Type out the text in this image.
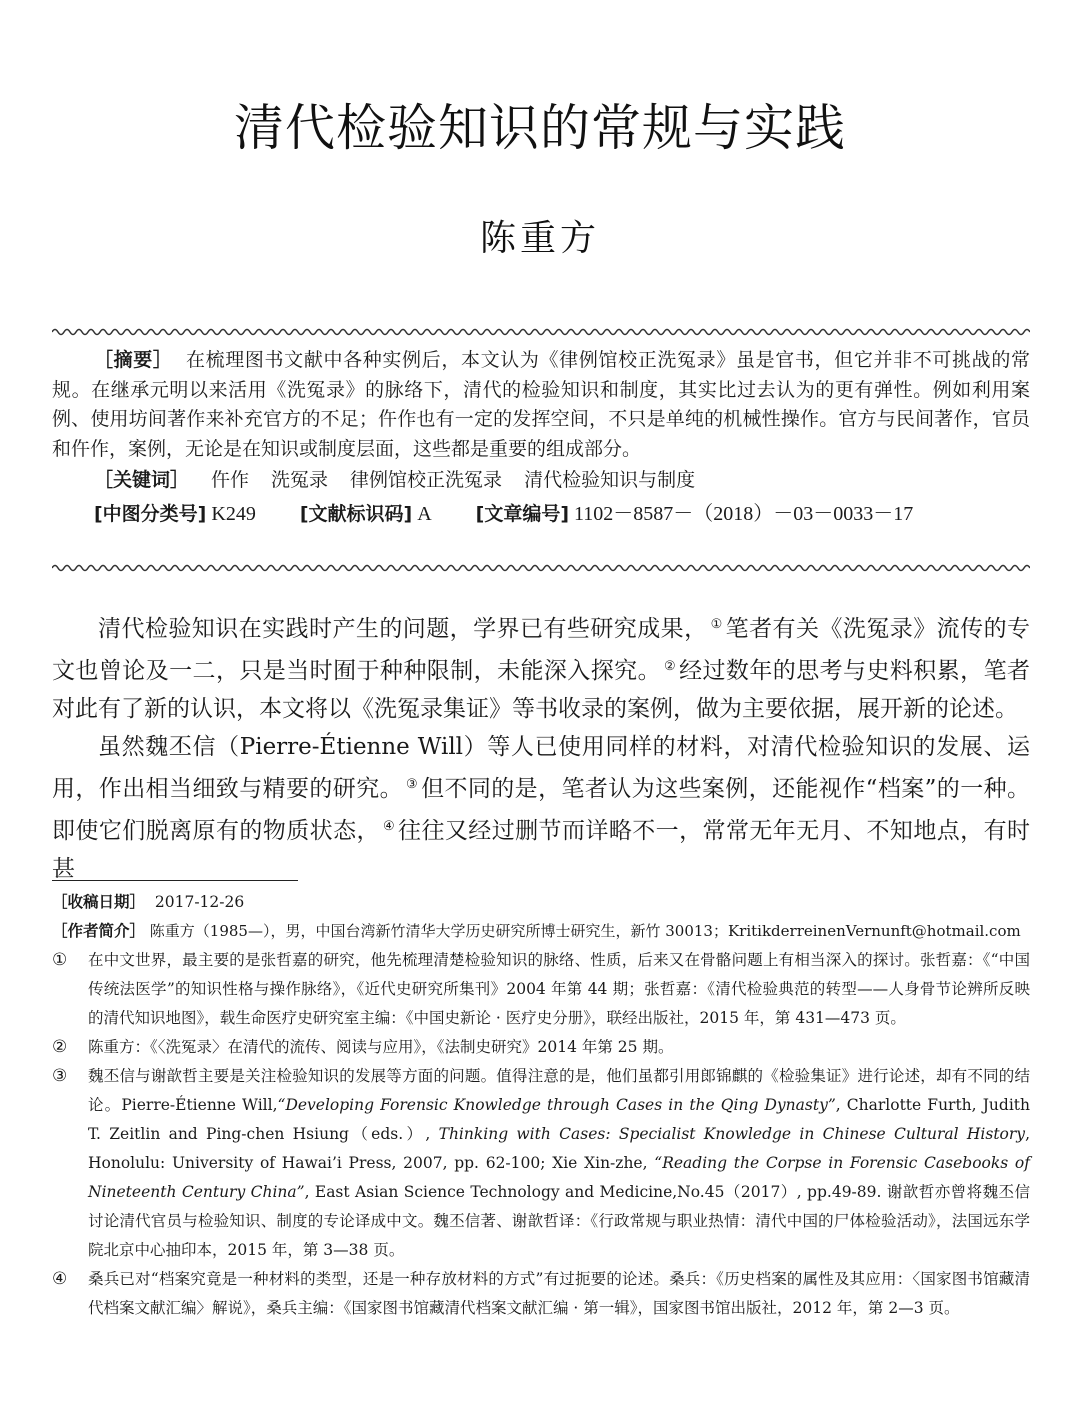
清代检验知识的常规与实践
陈重方

［摘要］ 在梳理图书文献中各种实例后，本文认为《律例馆校正洗冤录》虽是官书，但它并非不可挑战的常规。在继承元明以来活用《洗冤录》的脉络下，清代的检验知识和制度，其实比过去认为的更有弹性。例如利用案例、使用坊间著作来补充官方的不足；仵作也有一定的发挥空间，不只是单纯的机械性操作。官方与民间著作，官员和仵作，案例，无论是在知识或制度层面，这些都是重要的组成部分。

［关键词］ 仵作 洗冤录 律例馆校正洗冤录 清代检验知识与制度
[中图分类号]
K249 [文献标识码]
A [文章编号]
1102－8587－（2018）－03－0033－17

清代检验知识在实践时产生的问题，学界已有些研究成果， ① 笔者有关《洗冤录》流传的专文也曾论及一二，只是当时囿于种种限制，未能深入探究。 ② 经过数年的思考与史料积累，笔者对此有了新的认识，本文将以《洗冤录集证》等书收录的案例，做为主要依据，展开新的论述。

虽然魏丕信（Pierre-Étienne Will）等人已使用同样的材料，对清代检验知识的发展、运用，作出相当细致与精要的研究。 ③ 但不同的是，笔者认为这些案例，还能视作“档案”的一种。即使它们脱离原有的物质状态， ④ 往往又经过删节而详略不一，常常无年无月、不知地点，有时甚

［收稿日期］ 2017-12-26

［作者简介］ 陈重方（1985—），男，中国台湾新竹清华大学历史研究所博士研究生，新竹 30013；KritikderreinenVernunft@hotmail.com

①	在中文世界，最主要的是张哲嘉的研究，他先梳理清楚检验知识的脉络、性质，后来又在骨骼问题上有相当深入的探讨。张哲嘉：《“中国传统法医学”的知识性格与操作脉络》，《近代史研究所集刊》2004 年第 44 期；张哲嘉：《清代检验典范的转型——人身骨节论辨所反映的清代知识地图》，载生命医疗史研究室主编：《中国史新论 · 医疗史分册》，联经出版社，2015 年，第 431—473 页。
②	陈重方：《〈洗冤录〉在清代的流传、阅读与应用》，《法制史研究》2014 年第 25 期。
③	魏丕信与谢歆哲主要是关注检验知识的发展等方面的问题。值得注意的是，他们虽都引用郎锦麒的《检验集证》进行论述，却有不同的结论。Pierre-Étienne Will,“Developing Forensic Knowledge through Cases in the Qing Dynasty”, Charlotte Furth, Judith T. Zeitlin and Ping-chen Hsiung（eds.）, Thinking with Cases: Specialist Knowledge in Chinese Cultural History, Honolulu: University of Hawai’i Press, 2007, pp. 62-100; Xie Xin-zhe, “Reading the Corpse in Forensic Casebooks of Nineteenth Century China”, East Asian Science Technology and Medicine,No.45（2017）, pp.49-89. 谢歆哲亦曾将魏丕信讨论清代官员与检验知识、制度的专论译成中文。魏丕信著、谢歆哲译：《行政常规与职业热情：清代中国的尸体检验活动》，法国远东学院北京中心抽印本，2015 年，第 3—38 页。
④	桑兵已对“档案究竟是一种材料的类型，还是一种存放材料的方式”有过扼要的论述。桑兵：《历史档案的属性及其应用：〈国家图书馆藏清代档案文献汇编〉解说》，桑兵主编：《国家图书馆藏清代档案文献汇编 · 第一辑》，国家图书馆出版社，2012 年，第 2—3 页。
